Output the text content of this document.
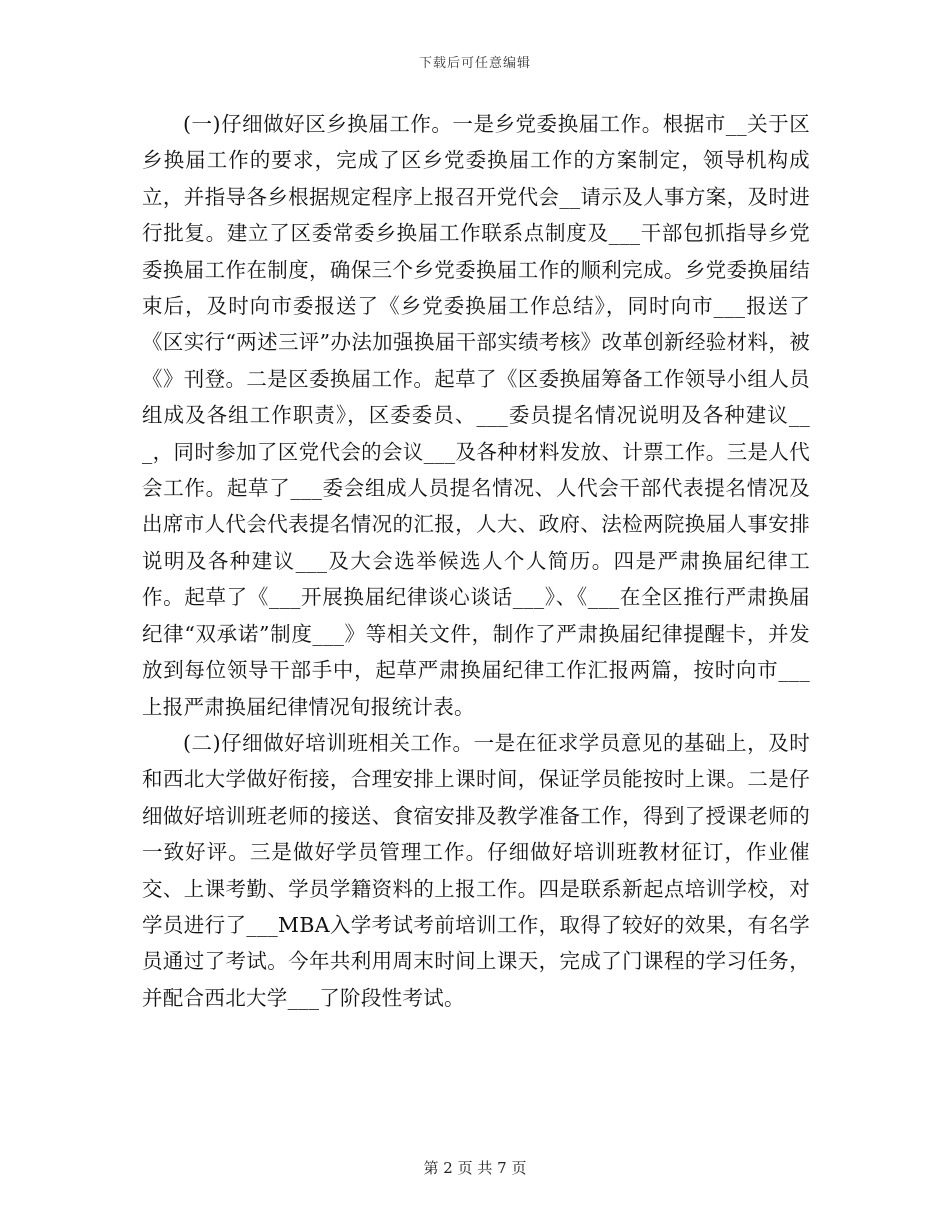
下载后可任意编辑

(一)仔细做好区乡换届工作。一是乡党委换届工作。根据市__关于区乡换届工作的要求，完成了区乡党委换届工作的方案制定，领导机构成立，并指导各乡根据规定程序上报召开党代会__请示及人事方案，及时进行批复。建立了区委常委乡换届工作联系点制度及___干部包抓指导乡党委换届工作在制度，确保三个乡党委换届工作的顺利完成。乡党委换届结束后，及时向市委报送了《乡党委换届工作总结》，同时向市___报送了《区实行“两述三评”办法加强换届干部实绩考核》改革创新经验材料，被《》刊登。二是区委换届工作。起草了《区委换届筹备工作领导小组人员组成及各组工作职责》，区委委员、___委员提名情况说明及各种建议___，同时参加了区党代会的会议___及各种材料发放、计票工作。三是人代会工作。起草了___委会组成人员提名情况、人代会干部代表提名情况及出席市人代会代表提名情况的汇报，人大、政府、法检两院换届人事安排说明及各种建议___及大会选举候选人个人简历。四是严肃换届纪律工作。起草了《___开展换届纪律谈心谈话___》、《___在全区推行严肃换届纪律“双承诺”制度___》等相关文件，制作了严肃换届纪律提醒卡，并发放到每位领导干部手中，起草严肃换届纪律工作汇报两篇，按时向市___上报严肃换届纪律情况旬报统计表。

(二)仔细做好培训班相关工作。一是在征求学员意见的基础上，及时和西北大学做好衔接，合理安排上课时间，保证学员能按时上课。二是仔细做好培训班老师的接送、食宿安排及教学准备工作，得到了授课老师的一致好评。三是做好学员管理工作。仔细做好培训班教材征订，作业催交、上课考勤、学员学籍资料的上报工作。四是联系新起点培训学校，对学员进行了___MBA入学考试考前培训工作，取得了较好的效果，有名学员通过了考试。今年共利用周末时间上课天，完成了门课程的学习任务，并配合西北大学___了阶段性考试。

第 2 页 共 7 页
